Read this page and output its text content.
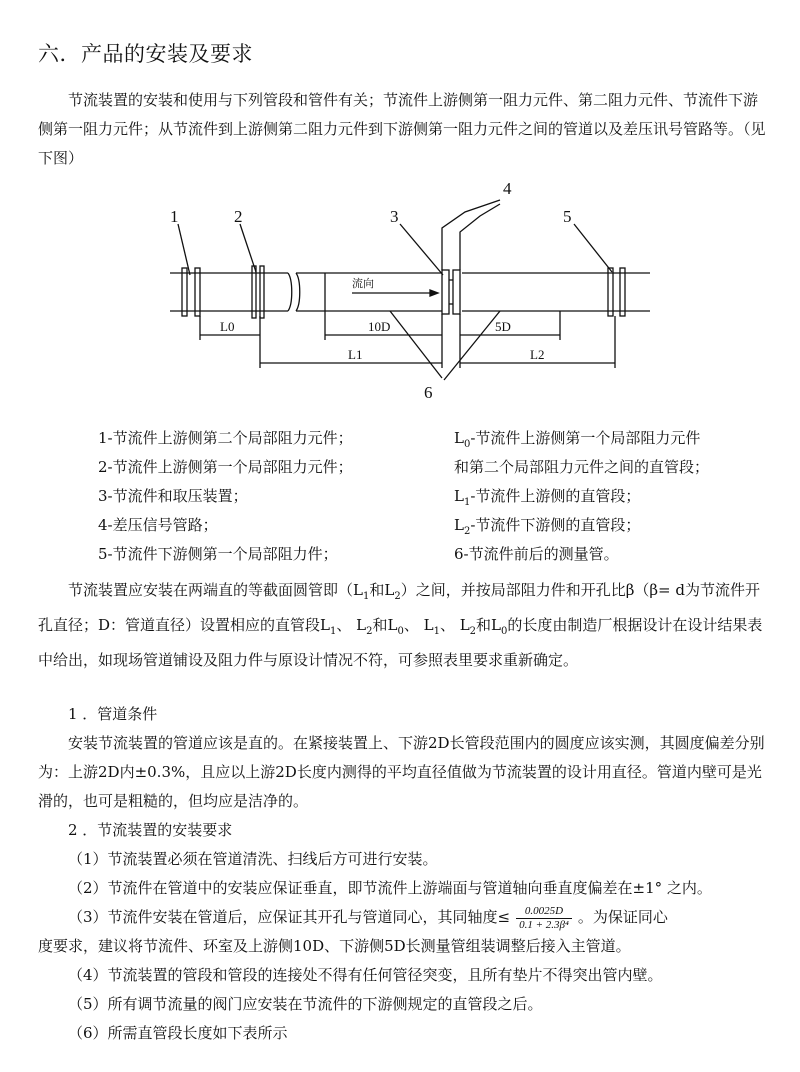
六．产品的安装及要求

节流装置的安装和使用与下列管段和管件有关；节流件上游侧第一阻力元件、第二阻力元件、节流件下游侧第一阻力元件；从节流件到上游侧第二阻力元件到下游侧第一阻力元件之间的管道以及差压讯号管路等。（见下图）

1	2	3
4
5
6
流向
L0	10D	5D
L1	L2
1-节流件上游侧第二个局部阻力元件；	$L_0-$节流件上游侧第一个局部阻力元件
2-节流件上游侧第一个局部阻力元件；	和第二个局部阻力元件之间的直管段；
3-节流件和取压装置；	$L_1-$节流件上游侧的直管段；
4-差压信号管路；	$L_2-$节流件下游侧的直管段；
5-节流件下游侧第一个局部阻力件；	6-节流件前后的测量管。

节流装置应安装在两端直的等截面圆管即（$L_1$和$L_2$）之间，并按局部阻力件和开孔比β（β= d为节流件开孔直径；D：管道直径）设置相应的直管段$L_1$、 $L_2$和$L_0$、 $L_1$、 $L_2$和$L_0$的长度由制造厂根据设计在设计结果表中给出，如现场管道铺设及阻力件与原设计情况不符，可参照表里要求重新确定。

1 ．管道条件

安装节流装置的管道应该是直的。在紧接装置上、下游2D长管段范围内的圆度应该实测，其圆度偏差分别为：上游2D内±0.3%，且应以上游2D长度内测得的平均直径值做为节流装置的设计用直径。管道内壁可是光滑的，也可是粗糙的，但均应是洁净的。

2 ．节流装置的安装要求
（1）节流装置必须在管道清洗、扫线后方可进行安装。
（2）节流件在管道中的安装应保证垂直，即节流件上游端面与管道轴向垂直度偏差在±1° 之内。
（3）节流件安装在管道后，应保证其开孔与管道同心，其同轴度≤ $\frac{0.0025D}{\text{0.1 + 2.3β⁴}}$ 。为保证同心
度要求，建议将节流件、环室及上游侧10D、下游侧5D长测量管组装调整后接入主管道。
（4）节流装置的管段和管段的连接处不得有任何管径突变，且所有垫片不得突出管内壁。
（5）所有调节流量的阀门应安装在节流件的下游侧规定的直管段之后。
（6）所需直管段长度如下表所示
